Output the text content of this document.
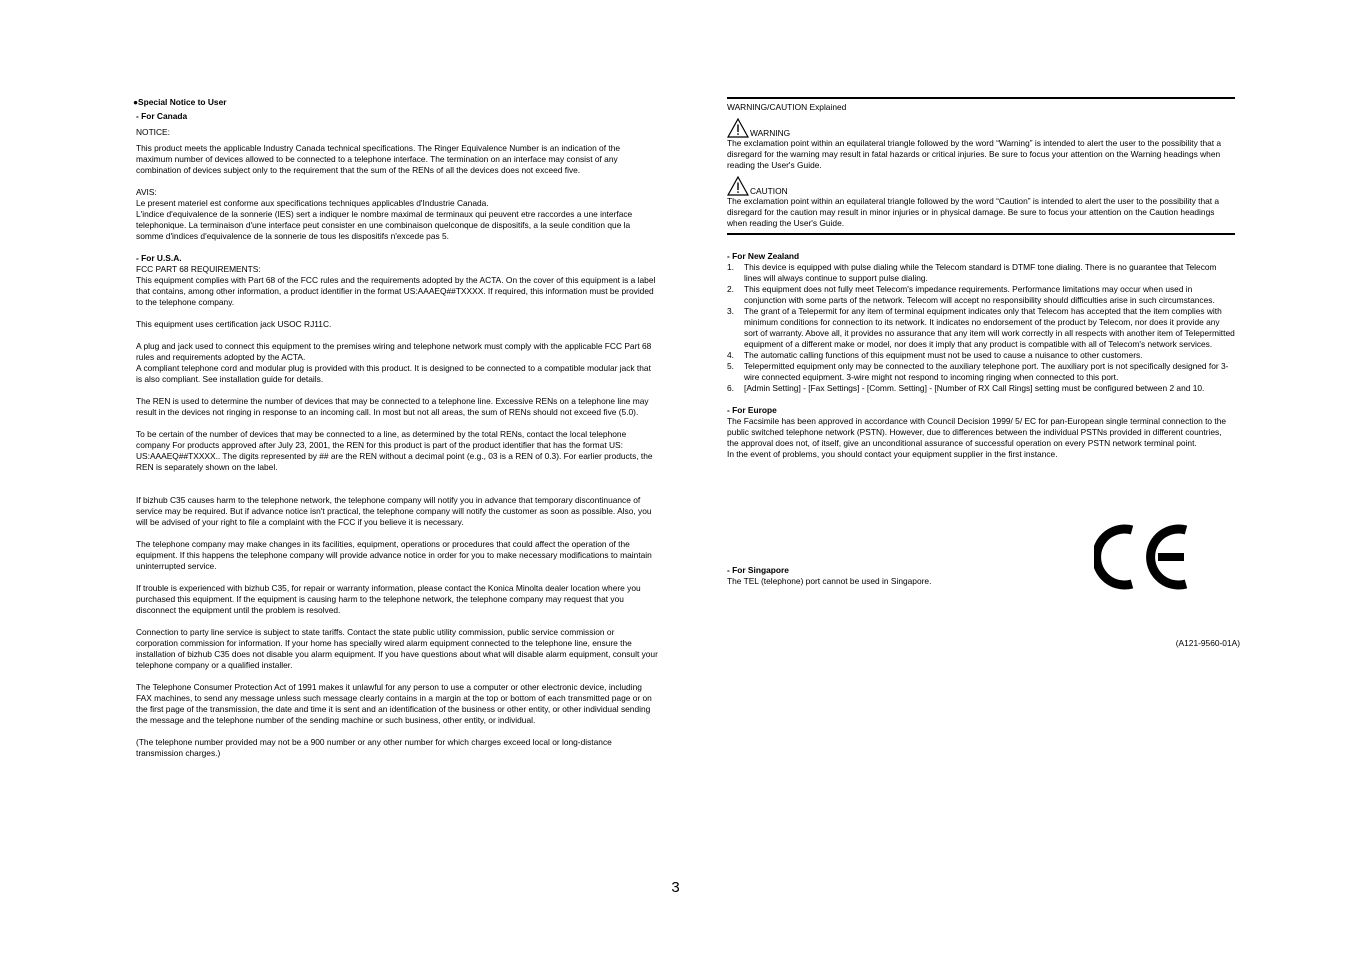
●Special Notice to User

- For Canada

NOTICE:

This product meets the applicable Industry Canada technical specifications. The Ringer Equivalence Number is an indication of the maximum number of devices allowed to be connected to a telephone interface. The termination on an interface may consist of any combination of devices subject only to the requirement that the sum of the RENs of all the devices does not exceed five.

AVIS:

Le present materiel est conforme aux specifications techniques applicables d'Industrie Canada.

L'indice d'equivalence de la sonnerie (IES) sert a indiquer le nombre maximal de terminaux qui peuvent etre raccordes a une interface telephonique. La terminaison d'une interface peut consister en une combinaison quelconque de dispositifs, a la seule condition que la somme d'indices d'equivalence de la sonnerie de tous les dispositifs n'excede pas 5.

- For U.S.A.

FCC PART 68 REQUIREMENTS:

This equipment complies with Part 68 of the FCC rules and the requirements adopted by the ACTA. On the cover of this equipment is a label that contains, among other information, a product identifier in the format US:AAAEQ##TXXXX. If required, this information must be provided to the telephone company.

This equipment uses certification jack USOC RJ11C.

A plug and jack used to connect this equipment to the premises wiring and telephone network must comply with the applicable FCC Part 68 rules and requirements adopted by the ACTA.

A compliant telephone cord and modular plug is provided with this product. It is designed to be connected to a compatible modular jack that is also compliant. See installation guide for details.

The REN is used to determine the number of devices that may be connected to a telephone line. Excessive RENs on a telephone line may result in the devices not ringing in response to an incoming call. In most but not all areas, the sum of RENs should not exceed five (5.0).

To be certain of the number of devices that may be connected to a line, as determined by the total RENs, contact the local telephone company For products approved after July 23, 2001, the REN for this product is part of the product identifier that has the format US: US:AAAEQ##TXXXX.. The digits represented by ## are the REN without a decimal point (e.g., 03 is a REN of 0.3). For earlier products, the REN is separately shown on the label.

If bizhub C35 causes harm to the telephone network, the telephone company will notify you in advance that temporary discontinuance of service may be required. But if advance notice isn't practical, the telephone company will notify the customer as soon as possible. Also, you will be advised of your right to file a complaint with the FCC if you believe it is necessary.

The telephone company may make changes in its facilities, equipment, operations or procedures that could affect the operation of the equipment. If this happens the telephone company will provide advance notice in order for you to make necessary modifications to maintain uninterrupted service.

If trouble is experienced with bizhub C35, for repair or warranty information, please contact the Konica Minolta dealer location where you purchased this equipment. If the equipment is causing harm to the telephone network, the telephone company may request that you disconnect the equipment until the problem is resolved.

Connection to party line service is subject to state tariffs. Contact the state public utility commission, public service commission or corporation commission for information. If your home has specially wired alarm equipment connected to the telephone line, ensure the installation of bizhub C35 does not disable you alarm equipment. If you have questions about what will disable alarm equipment, consult your telephone company or a qualified installer.

The Telephone Consumer Protection Act of 1991 makes it unlawful for any person to use a computer or other electronic device, including FAX machines, to send any message unless such message clearly contains in a margin at the top or bottom of each transmitted page or on the first page of the transmission, the date and time it is sent and an identification of the business or other entity, or other individual sending the message and the telephone number of the sending machine or such business, other entity, or individual.

(The telephone number provided may not be a 900 number or any other number for which charges exceed local or long-distance transmission charges.)

WARNING/CAUTION Explained

WARNING

The exclamation point within an equilateral triangle followed by the word “Warning” is intended to alert the user to the possibility that a disregard for the warning may result in fatal hazards or critical injuries. Be sure to focus your attention on the Warning headings when reading the User's Guide.

CAUTION

The exclamation point within an equilateral triangle followed by the word “Caution” is intended to alert the user to the possibility that a disregard for the caution may result in minor injuries or in physical damage. Be sure to focus your attention on the Caution headings when reading the User's Guide.

- For New Zealand

1.	This device is equipped with pulse dialing while the Telecom standard is DTMF tone dialing. There is no guarantee that Telecom lines will always continue to support pulse dialing.
2.	This equipment does not fully meet Telecom's impedance requirements. Performance limitations may occur when used in conjunction with some parts of the network. Telecom will accept no responsibility should difficulties arise in such circumstances.
3.	The grant of a Telepermit for any item of terminal equipment indicates only that Telecom has accepted that the item complies with minimum conditions for connection to its network. It indicates no endorsement of the product by Telecom, nor does it provide any sort of warranty. Above all, it provides no assurance that any item will work correctly in all respects with another item of Telepermitted equipment of a different make or model, nor does it imply that any product is compatible with all of Telecom's network services.
4.	The automatic calling functions of this equipment must not be used to cause a nuisance to other customers.
5.	Telepermitted equipment only may be connected to the auxiliary telephone port. The auxiliary port is not specifically designed for 3-wire connected equipment. 3-wire might not respond to incoming ringing when connected to this port.
6.	[Admin Setting] - [Fax Settings] - [Comm. Setting] - [Number of RX Call Rings] setting must be configured between 2 and 10.

- For Europe

The Facsimile has been approved in accordance with Council Decision 1999/ 5/ EC for pan-European single terminal connection to the public switched telephone network (PSTN). However, due to differences between the individual PSTNs provided in different countries, the approval does not, of itself, give an unconditional assurance of successful operation on every PSTN network terminal point.

In the event of problems, you should contact your equipment supplier in the first instance.

- For Singapore

The TEL (telephone) port cannot be used in Singapore.

(A121-9560-01A)
3
